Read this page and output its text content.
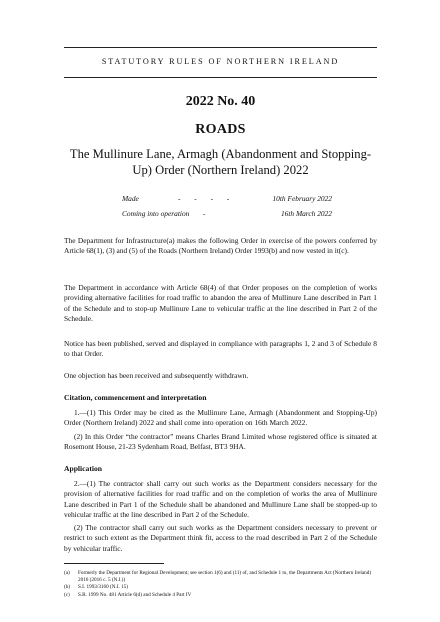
STATUTORY RULES OF NORTHERN IRELAND
2022 No. 40
ROADS
The Mullinure Lane, Armagh (Abandonment and Stopping-Up) Order (Northern Ireland) 2022
Made	- - - -	10th February 2022
Coming into operation -	16th March 2022

The Department for Infrastructure(a) makes the following Order in exercise of the powers conferred by Article 68(1), (3) and (5) of the Roads (Northern Ireland) Order 1993(b) and now vested in it(c).

The Department in accordance with Article 68(4) of that Order proposes on the completion of works providing alternative facilities for road traffic to abandon the area of Mullinure Lane described in Part 1 of the Schedule and to stop-up Mullinure Lane to vehicular traffic at the line described in Part 2 of the Schedule.

Notice has been published, served and displayed in compliance with paragraphs 1, 2 and 3 of Schedule 8 to that Order.

One objection has been received and subsequently withdrawn.

Citation, commencement and interpretation

1.—(1) This Order may be cited as the Mullinure Lane, Armagh (Abandonment and Stopping-Up) Order (Northern Ireland) 2022 and shall come into operation on 16th March 2022.

(2) In this Order “the contractor” means Charles Brand Limited whose registered office is situated at Rosemont House, 21-23 Sydenham Road, Belfast, BT3 9HA.

Application

2.—(1) The contractor shall carry out such works as the Department considers necessary for the provision of alternative facilities for road traffic and on the completion of works the area of Mullinure Lane described in Part 1 of the Schedule shall be abandoned and Mullinure Lane shall be stopped-up to vehicular traffic at the line described in Part 2 of the Schedule.

(2) The contractor shall carry out such works as the Department considers necessary to prevent or restrict to such extent as the Department think fit, access to the road described in Part 2 of the Schedule by vehicular traffic.

(a) Formerly the Department for Regional Development; see section 1(6) and (11) of, and Schedule 1 to, the Departments Act (Northern Ireland) 2016 (2016 c. 5 (N.I.))
(b) S.I. 1993/3160 (N.I. 15)
(c) S.R. 1999 No. 481 Article 6(d) and Schedule 4 Part IV
